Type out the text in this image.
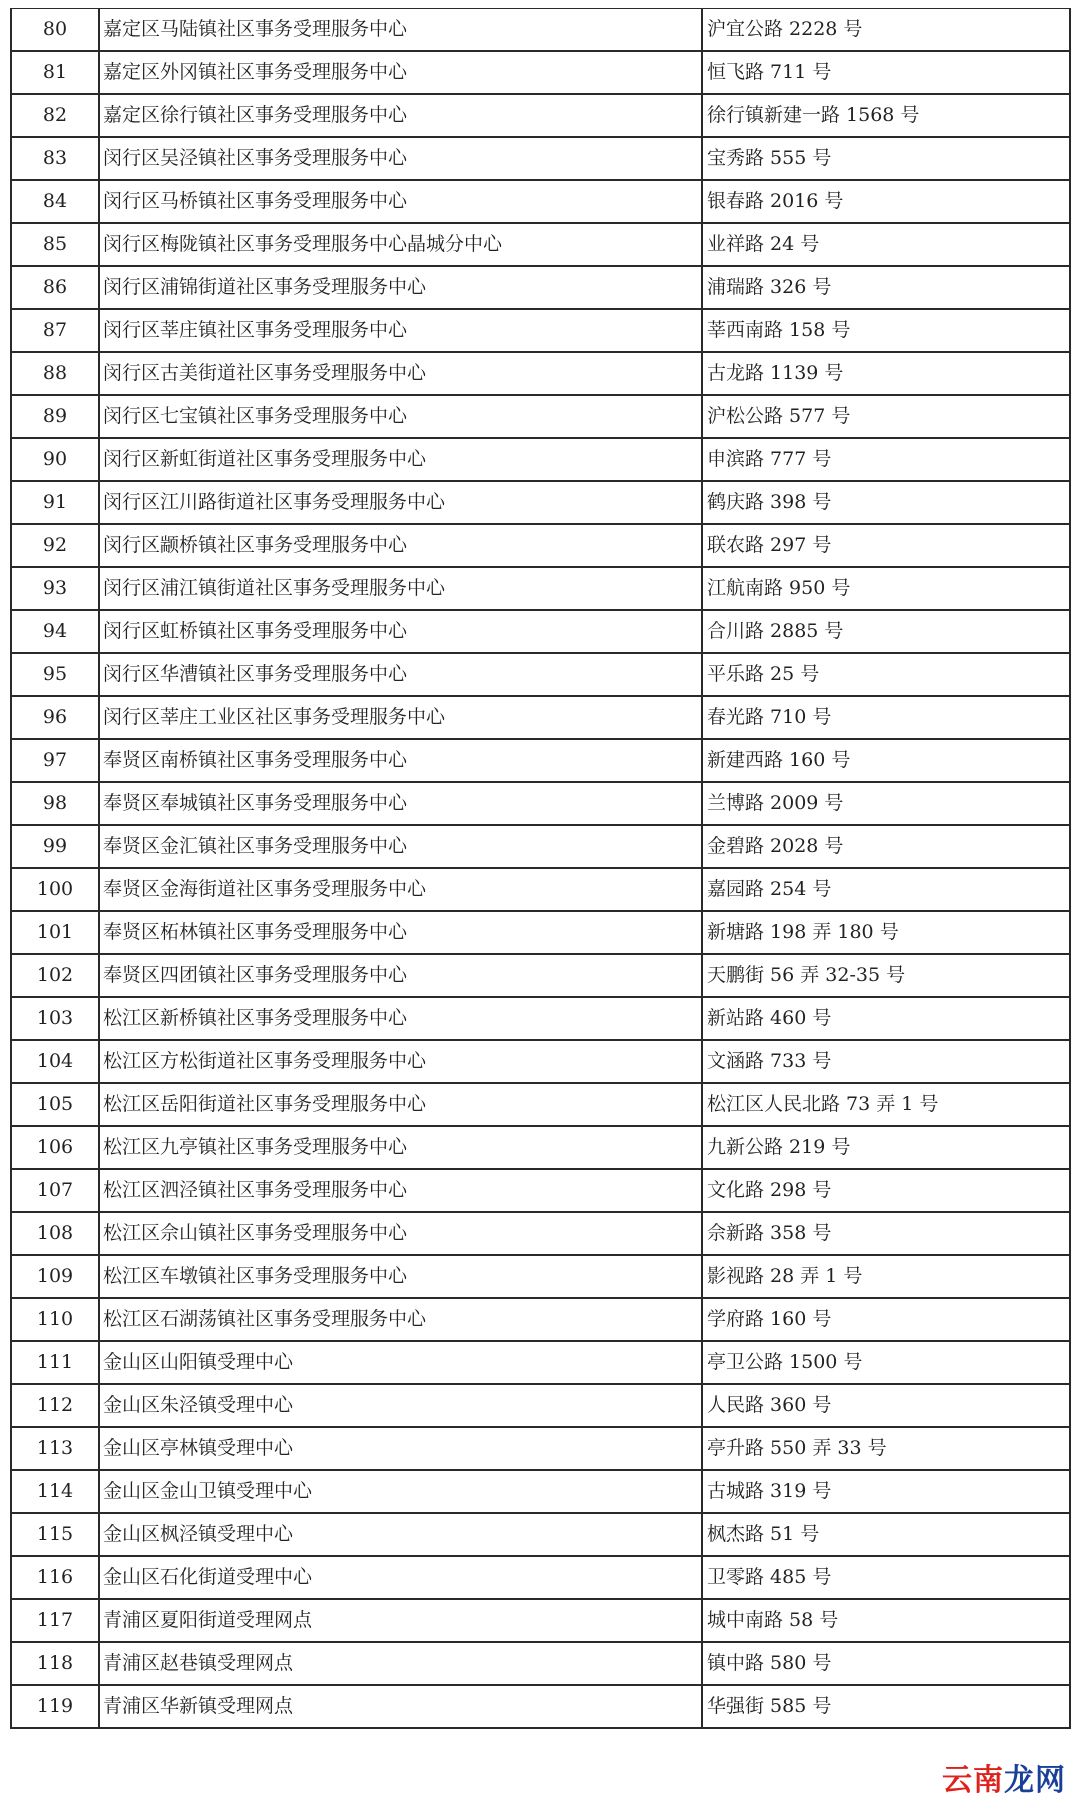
80	嘉定区马陆镇社区事务受理服务中心	沪宜公路 2228 号
81	嘉定区外冈镇社区事务受理服务中心	恒飞路 711 号
82	嘉定区徐行镇社区事务受理服务中心	徐行镇新建一路 1568 号
83	闵行区吴泾镇社区事务受理服务中心	宝秀路 555 号
84	闵行区马桥镇社区事务受理服务中心	银春路 2016 号
85	闵行区梅陇镇社区事务受理服务中心晶城分中心	业祥路 24 号
86	闵行区浦锦街道社区事务受理服务中心	浦瑞路 326 号
87	闵行区莘庄镇社区事务受理服务中心	莘西南路 158 号
88	闵行区古美街道社区事务受理服务中心	古龙路 1139 号
89	闵行区七宝镇社区事务受理服务中心	沪松公路 577 号
90	闵行区新虹街道社区事务受理服务中心	申滨路 777 号
91	闵行区江川路街道社区事务受理服务中心	鹤庆路 398 号
92	闵行区颛桥镇社区事务受理服务中心	联农路 297 号
93	闵行区浦江镇街道社区事务受理服务中心	江航南路 950 号
94	闵行区虹桥镇社区事务受理服务中心	合川路 2885 号
95	闵行区华漕镇社区事务受理服务中心	平乐路 25 号
96	闵行区莘庄工业区社区事务受理服务中心	春光路 710 号
97	奉贤区南桥镇社区事务受理服务中心	新建西路 160 号
98	奉贤区奉城镇社区事务受理服务中心	兰博路 2009 号
99	奉贤区金汇镇社区事务受理服务中心	金碧路 2028 号
100	奉贤区金海街道社区事务受理服务中心	嘉园路 254 号
101	奉贤区柘林镇社区事务受理服务中心	新塘路 198 弄 180 号
102	奉贤区四团镇社区事务受理服务中心	天鹏街 56 弄 32-35 号
103	松江区新桥镇社区事务受理服务中心	新站路 460 号
104	松江区方松街道社区事务受理服务中心	文涵路 733 号
105	松江区岳阳街道社区事务受理服务中心	松江区人民北路 73 弄 1 号
106	松江区九亭镇社区事务受理服务中心	九新公路 219 号
107	松江区泗泾镇社区事务受理服务中心	文化路 298 号
108	松江区佘山镇社区事务受理服务中心	佘新路 358 号
109	松江区车墩镇社区事务受理服务中心	影视路 28 弄 1 号
110	松江区石湖荡镇社区事务受理服务中心	学府路 160 号
111	金山区山阳镇受理中心	亭卫公路 1500 号
112	金山区朱泾镇受理中心	人民路 360 号
113	金山区亭林镇受理中心	亭升路 550 弄 33 号
114	金山区金山卫镇受理中心	古城路 319 号
115	金山区枫泾镇受理中心	枫杰路 51 号
116	金山区石化街道受理中心	卫零路 485 号
117	青浦区夏阳街道受理网点	城中南路 58 号
118	青浦区赵巷镇受理网点	镇中路 580 号
119	青浦区华新镇受理网点	华强街 585 号
云南龙网
